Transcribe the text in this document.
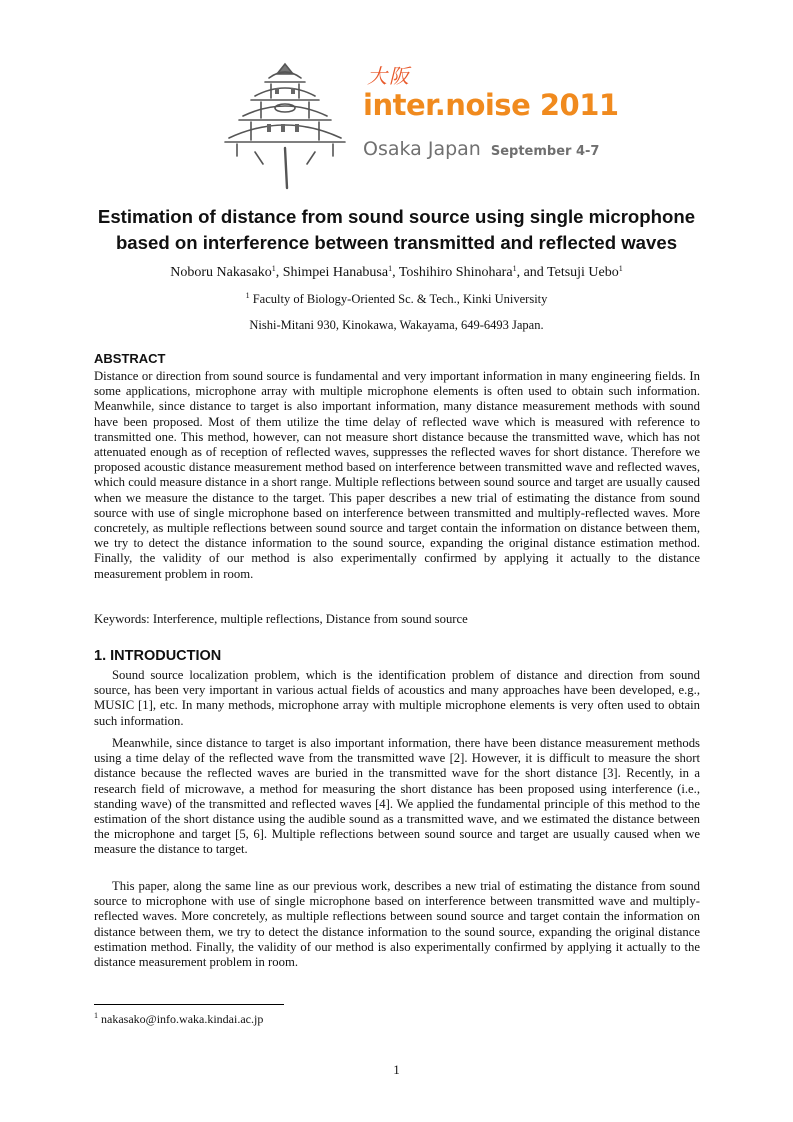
大阪
inter.noise 2011
Osaka Japan September 4-7
Estimation of distance from sound source using single microphone
based on interference between transmitted and reflected waves
Noboru Nakasako$^1$, Shimpei Hanabusa$^1$, Toshihiro Shinohara$^1$, and Tetsuji Uebo$^1$
$^1$ Faculty of Biology-Oriented Sc. & Tech., Kinki University
Nishi-Mitani 930, Kinokawa, Wakayama, 649-6493 Japan.
ABSTRACT

Distance or direction from sound source is fundamental and very important information in many engineering fields. In some applications, microphone array with multiple microphone elements is often used to obtain such information. Meanwhile, since distance to target is also important information, many distance measurement methods with sound have been proposed. Most of them utilize the time delay of reflected wave which is measured with reference to transmitted one. This method, however, can not measure short distance because the transmitted wave, which has not attenuated enough as of reception of reflected waves, suppresses the reflected waves for short distance. Therefore we proposed acoustic distance measurement method based on interference between transmitted wave and reflected waves, which could measure distance in a short range. Multiple reflections between sound source and target are usually caused when we measure the distance to the target. This paper describes a new trial of estimating the distance from sound source with use of single microphone based on interference between transmitted and multiply-reflected waves. More concretely, as multiple reflections between sound source and target contain the information on distance between them, we try to detect the distance information to the sound source, expanding the original distance estimation method. Finally, the validity of our method is also experimentally confirmed by applying it actually to the distance measurement problem in room.

Keywords: Interference, multiple reflections, Distance from sound source
1. INTRODUCTION

Sound source localization problem, which is the identification problem of distance and direction from sound source, has been very important in various actual fields of acoustics and many approaches have been developed, e.g., MUSIC [1], etc. In many methods, microphone array with multiple microphone elements is very often used to obtain such information.

Meanwhile, since distance to target is also important information, there have been distance measurement methods using a time delay of the reflected wave from the transmitted wave [2]. However, it is difficult to measure the short distance because the reflected waves are buried in the transmitted wave for the short distance [3]. Recently, in a research field of microwave, a method for measuring the short distance has been proposed using interference (i.e., standing wave) of the transmitted and reflected waves [4]. We applied the fundamental principle of this method to the estimation of the short distance using the audible sound as a transmitted wave, and we estimated the distance between the microphone and target [5, 6]. Multiple reflections between sound source and target are usually caused when we measure the distance to target.

This paper, along the same line as our previous work, describes a new trial of estimating the distance from sound source to microphone with use of single microphone based on interference between transmitted wave and multiply-reflected waves. More concretely, as multiple reflections between sound source and target contain the information on distance between them, we try to detect the distance information to the sound source, expanding the original distance estimation method. Finally, the validity of our method is also experimentally confirmed by applying it actually to the distance measurement problem in room.

$^1$ nakasako@info.waka.kindai.ac.jp
1
